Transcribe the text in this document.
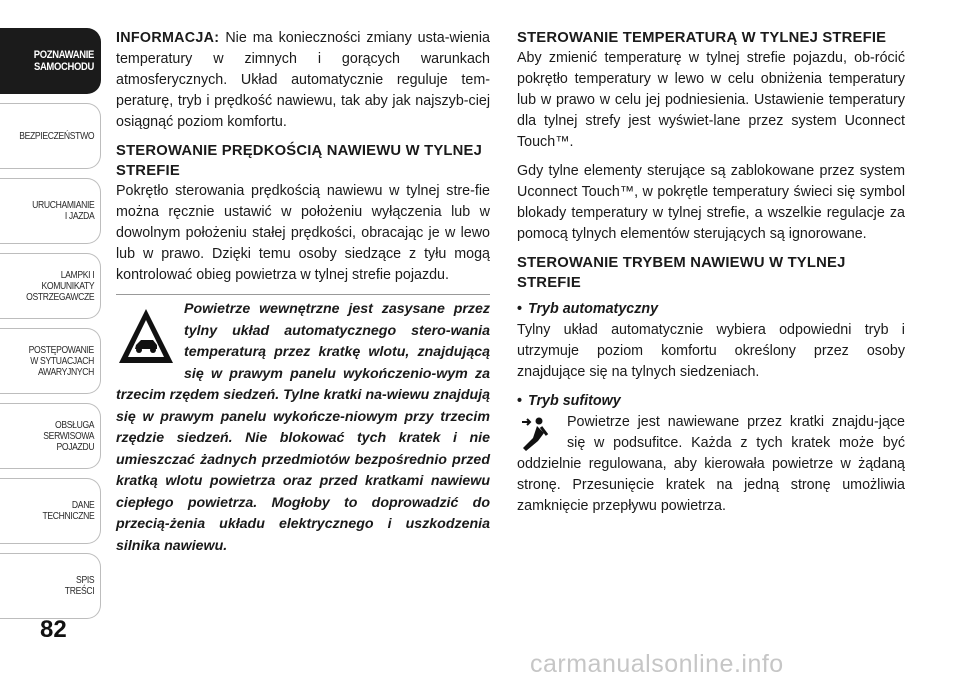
POZNAWANIE
SAMOCHODU
BEZPIECZEŃSTWO
URUCHAMIANIE
I JAZDA
LAMPKI I
KOMUNIKATY
OSTRZEGAWCZE
POSTĘPOWANIE
W SYTUACJACH
AWARYJNYCH
OBSŁUGA
SERWISOWA
POJAZDU
DANE
TECHNICZNE
SPIS
TREŚCI
82

INFORMACJA: Nie ma konieczności zmiany usta-wienia temperatury w zimnych i gorących warunkach atmosferycznych. Układ automatycznie reguluje tem-peraturę, tryb i prędkość nawiewu, tak aby jak najszyb-ciej osiągnąć poziom komfortu.

STEROWANIE PRĘDKOŚCIĄ NAWIEWU W TYLNEJ STREFIE

Pokrętło sterowania prędkością nawiewu w tylnej stre-fie można ręcznie ustawić w położeniu wyłączenia lub w dowolnym położeniu stałej prędkości, obracając je w lewo lub w prawo. Dzięki temu osoby siedzące z tyłu mogą kontrolować obieg powietrza w tylnej strefie pojazdu.

Powietrze wewnętrzne jest zasysane przez tylny układ automatycznego stero-wania temperaturą przez kratkę wlotu, znajdującą się w prawym panelu wykończenio-wym za trzecim rzędem siedzeń. Tylne kratki na-wiewu znajdują się w prawym panelu wykończe-niowym przy trzecim rzędzie siedzeń. Nie blokować tych kratek i nie umieszczać żadnych przedmiotów bezpośrednio przed kratką wlotu powietrza oraz przed kratkami nawiewu ciepłego powietrza. Mogłoby to doprowadzić do przecią-żenia układu elektrycznego i uszkodzenia silnika nawiewu.
STEROWANIE TEMPERATURĄ W TYLNEJ STREFIE

Aby zmienić temperaturę w tylnej strefie pojazdu, ob-rócić pokrętło temperatury w lewo w celu obniżenia temperatury lub w prawo w celu jej podniesienia. Ustawienie temperatury dla tylnej strefy jest wyświet-lane przez system Uconnect Touch™.

Gdy tylne elementy sterujące są zablokowane przez system Uconnect Touch™, w pokrętle temperatury świeci się symbol blokady temperatury w tylnej strefie, a wszelkie regulacje za pomocą tylnych elementów sterujących są ignorowane.

STEROWANIE TRYBEM NAWIEWU W TYLNEJ STREFIE

• Tryb automatyczny

Tylny układ automatycznie wybiera odpowiedni tryb i utrzymuje poziom komfortu określony przez osoby znajdujące się na tylnych siedzeniach.

• Tryb sufitowy

Powietrze jest nawiewane przez kratki znajdu-jące się w podsufitce. Każda z tych kratek może być oddzielnie regulowana, aby kierowała powietrze w żądaną stronę. Przesunięcie kratek na jedną stronę umożliwia zamknięcie przepływu powietrza.

carmanualsonline.info
